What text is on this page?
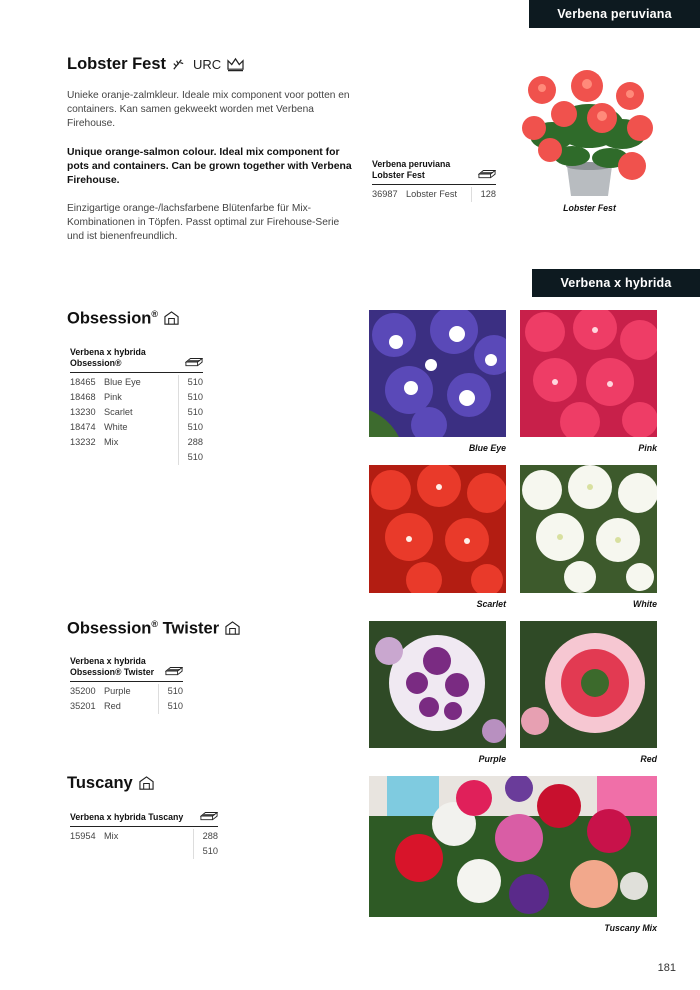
Verbena peruviana
Verbena x hybrida
Lobster Fest URC

Unieke oranje-zalmkleur. Ideale mix component voor potten en containers. Kan samen gekweekt worden met Verbena Firehouse.

Unique orange-salmon colour. Ideal mix component for pots and containers. Can be grown together with Verbena Firehouse.

Einzigartige orange-/lachsfarbene Blütenfarbe für Mix-Kombinationen in Töpfen. Passt optimal zur Firehouse-Serie und ist bienenfreundlich.

Verbena peruviana
Lobster Fest
36987 Lobster Fest	128
Lobster Fest
Obsession®
Verbena x hybrida
Obsession®
18465 Blue Eye	510
18468 Pink	510
13230 Scarlet	510
18474 White	510
13232 Mix	288
510
Blue Eye	Pink
Scarlet	White
Obsession® Twister
Verbena x hybrida
Obsession® Twister
35200 Purple	510
35201 Red	510
Purple	Red
Tuscany
Verbena x hybrida Tuscany
15954 Mix	288
510
Tuscany Mix
181
